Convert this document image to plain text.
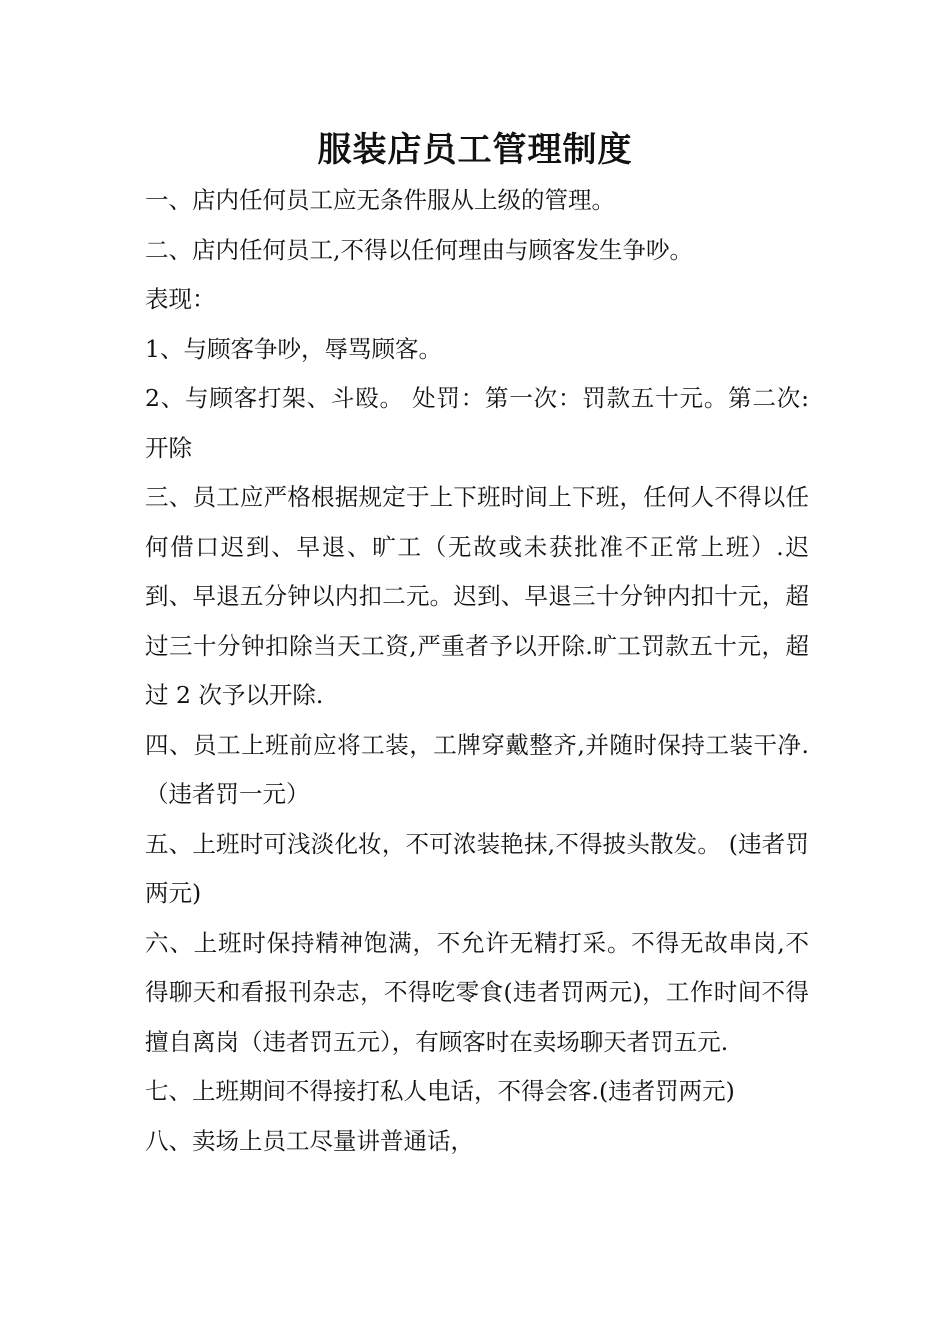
服装店员工管理制度

一、店内任何员工应无条件服从上级的管理。

二、店内任何员工,不得以任何理由与顾客发生争吵。

表现：

1、与顾客争吵，辱骂顾客。

2、与顾客打架、斗殴。 处罚：第一次：罚款五十元。第二次:开除

三、员工应严格根据规定于上下班时间上下班，任何人不得以任何借口迟到、早退、旷工（无故或未获批准不正常上班）.迟到、早退五分钟以内扣二元。迟到、早退三十分钟内扣十元，超过三十分钟扣除当天工资,严重者予以开除.旷工罚款五十元，超过 2 次予以开除.

四、员工上班前应将工装，工牌穿戴整齐,并随时保持工装干净.（违者罚一元）

五、上班时可浅淡化妆，不可浓装艳抹,不得披头散发。 (违者罚两元)

六、上班时保持精神饱满，不允许无精打采。不得无故串岗,不得聊天和看报刊杂志，不得吃零食(违者罚两元)，工作时间不得擅自离岗（违者罚五元），有顾客时在卖场聊天者罚五元.

七、上班期间不得接打私人电话，不得会客.(违者罚两元)

八、卖场上员工尽量讲普通话，
